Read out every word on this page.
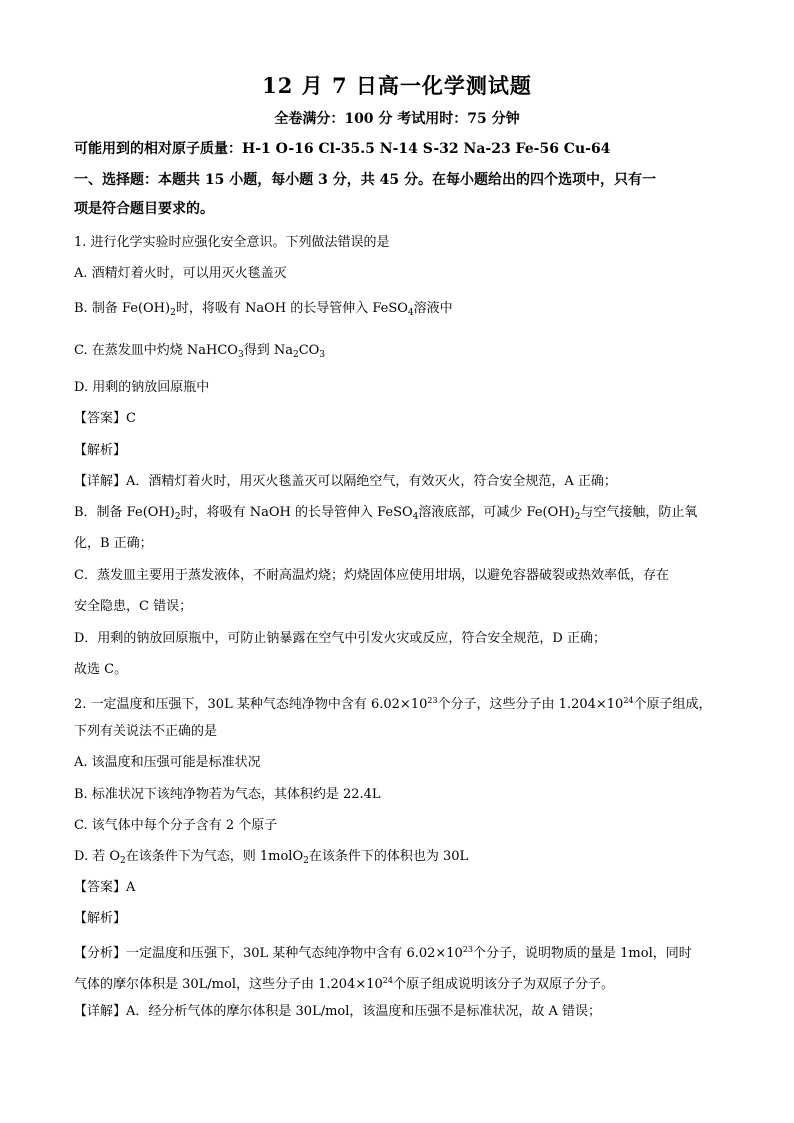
12 月 7 日高一化学测试题
全卷满分：100 分 考试用时：75 分钟
可能用到的相对原子质量：H-1 O-16 Cl-35.5 N-14 S-32 Na-23 Fe-56 Cu-64
一、选择题：本题共 15 小题，每小题 3 分，共 45 分。在每小题给出的四个选项中，只有一
项是符合题目要求的。
1. 进行化学实验时应强化安全意识。下列做法错误的是
A. 酒精灯着火时，可以用灭火毯盖灭
B. 制备 $Fe(OH)_2$时，将吸有 NaOH 的长导管伸入 FeSO$_4$溶液中
C. 在蒸发皿中灼烧 NaHCO$_3$得到 $Na_2CO_3$
D. 用剩的钠放回原瓶中
【答案】C
【解析】
【详解】A．酒精灯着火时，用灭火毯盖灭可以隔绝空气，有效灭火，符合安全规范，A 正确；
B．制备 $Fe(OH)_2$时，将吸有 NaOH 的长导管伸入 FeSO$_4$溶液底部，可减少 $Fe(OH)_2$与空气接触，防止氧
化，B 正确；
C．蒸发皿主要用于蒸发液体，不耐高温灼烧；灼烧固体应使用坩埚，以避免容器破裂或热效率低，存在
安全隐患，C 错误；
D．用剩的钠放回原瓶中，可防止钠暴露在空气中引发火灾或反应，符合安全规范，D 正确；
故选 C。
2. 一定温度和压强下，30L 某种气态纯净物中含有 $6.02\times 10^{23}$个分子，这些分子由 $1.204\times 10^{24}$个原子组成，
下列有关说法不正确的是
A. 该温度和压强可能是标准状况
B. 标准状况下该纯净物若为气态，其体积约是 22.4L
C. 该气体中每个分子含有 2 个原子
D. 若 $O_2$在该条件下为气态，则 1molO$_2$在该条件下的体积也为 30L
【答案】A
【解析】
【分析】一定温度和压强下，30L 某种气态纯净物中含有 $6.02\times 10^{23}$个分子，说明物质的量是 1mol，同时
气体的摩尔体积是 30L/mol，这些分子由 $1.204\times 10^{24}$个原子组成说明该分子为双原子分子。
【详解】A．经分析气体的摩尔体积是 30L/mol，该温度和压强不是标准状况，故 A 错误；
